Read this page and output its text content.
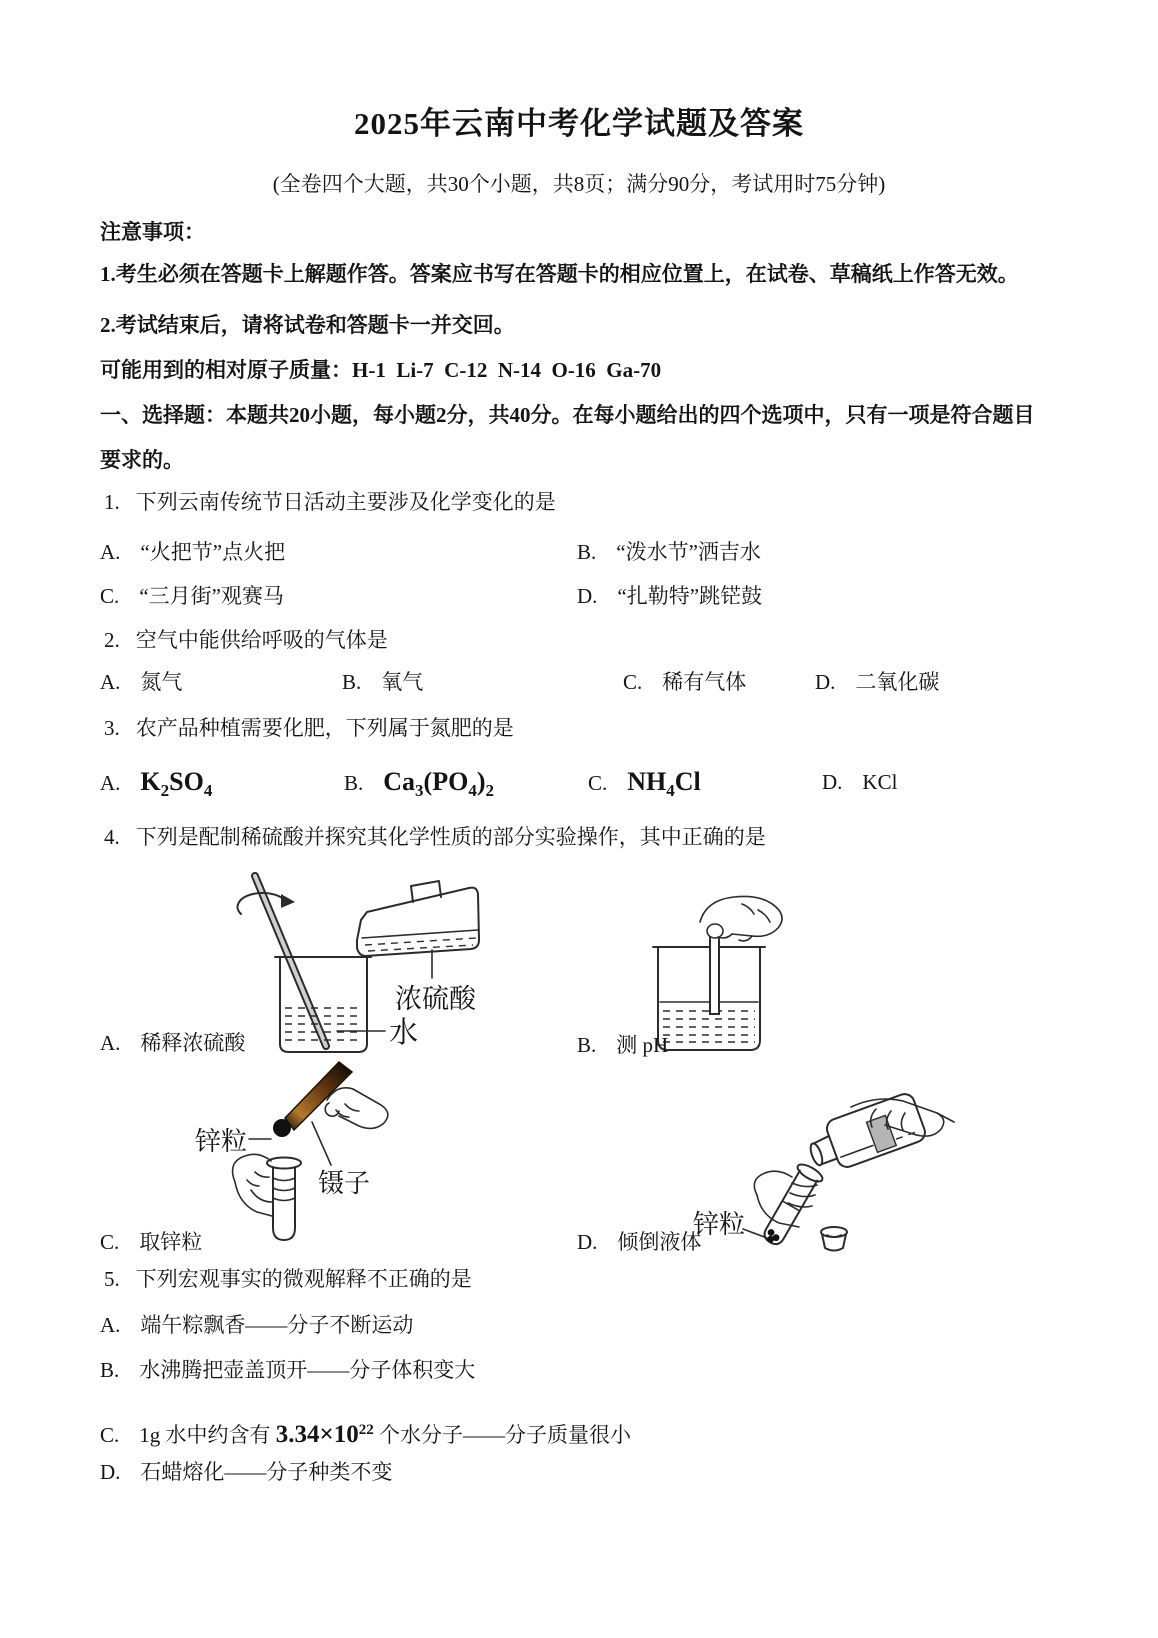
2025年云南中考化学试题及答案
(全卷四个大题，共30个小题，共8页；满分90分，考试用时75分钟)
注意事项：
1.考生必须在答题卡上解题作答。答案应书写在答题卡的相应位置上，在试卷、草稿纸上作答无效。
2.考试结束后，请将试卷和答题卡一并交回。
可能用到的相对原子质量：H-1  Li-7  C-12  N-14  O-16  Ga-70
一、选择题：本题共20小题，每小题2分，共40分。在每小题给出的四个选项中，只有一项是符合题目
要求的。
1. 下列云南传统节日活动主要涉及化学变化的是
A. “火把节”点火把	B. “泼水节”洒吉水
C. “三月街”观赛马	D. “扎勒特”跳铓鼓
2. 空气中能供给呼吸的气体是
A. 氮气	B. 氧气	C. 稀有气体	D. 二氧化碳
3. 农产品种植需要化肥，下列属于氮肥的是
A. $K_2SO_4$	B. $Ca_3(PO_4)_2$	C. $NH_4Cl$	D. KCl
4. 下列是配制稀硫酸并探究其化学性质的部分实验操作，其中正确的是
浓硫酸
水
A. 稀释浓硫酸	B. 测 pH
锌粒
镊子
锌粒
C. 取锌粒	D. 倾倒液体
5. 下列宏观事实的微观解释不正确的是
A. 端午粽飘香——分子不断运动
B. 水沸腾把壶盖顶开——分子体积变大
C. 1g 水中约含有 $3.34\times 10^{22}$ 个水分子——分子质量很小
D. 石蜡熔化——分子种类不变
